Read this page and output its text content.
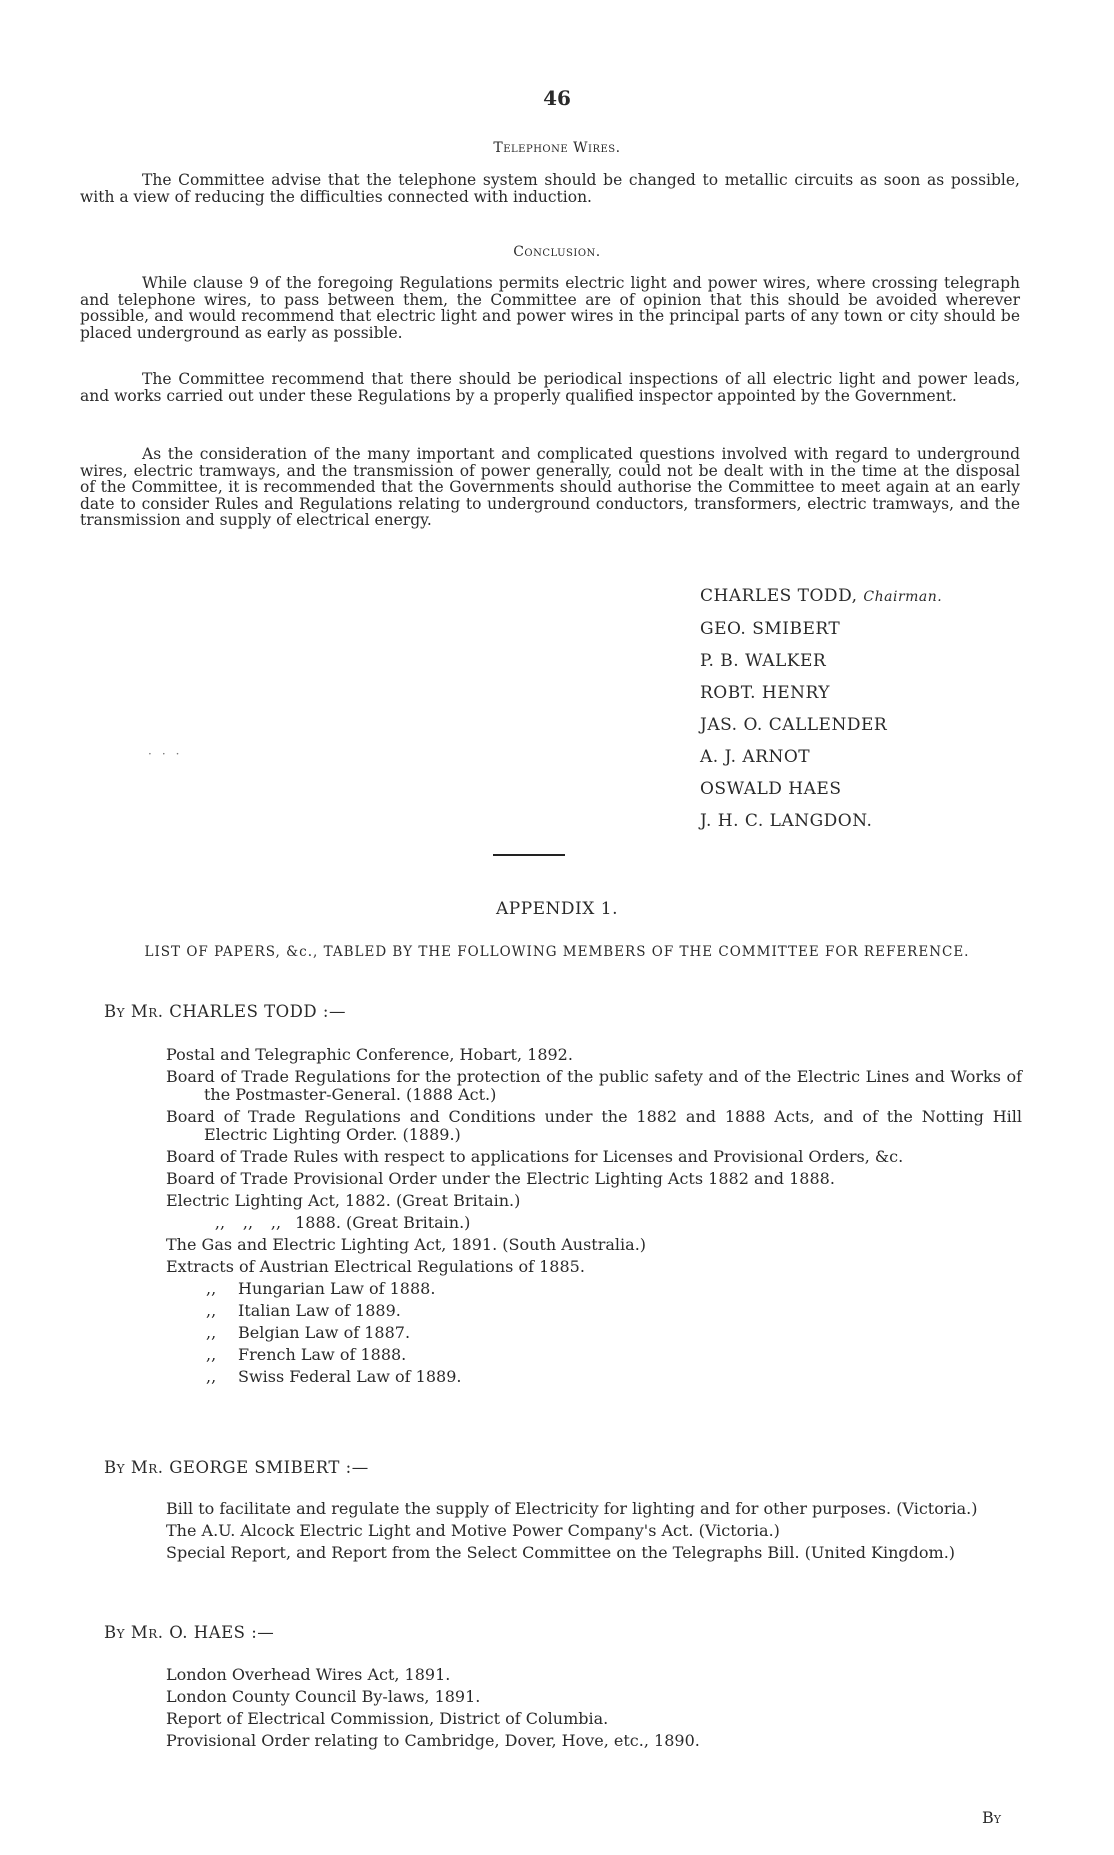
46
Telephone Wires.

The Committee advise that the telephone system should be changed to metallic circuits as soon as possible, with a view of reducing the difficulties connected with induction.

Conclusion.

While clause 9 of the foregoing Regulations permits electric light and power wires, where crossing telegraph and telephone wires, to pass between them, the Committee are of opinion that this should be avoided wherever possible, and would recommend that electric light and power wires in the principal parts of any town or city should be placed underground as early as possible.

The Committee recommend that there should be periodical inspections of all electric light and power leads, and works carried out under these Regulations by a properly qualified inspector appointed by the Government.

As the consideration of the many important and complicated questions involved with regard to underground wires, electric tramways, and the transmission of power generally, could not be dealt with in the time at the disposal of the Committee, it is recommended that the Governments should authorise the Committee to meet again at an early date to consider Rules and Regulations relating to underground conductors, transformers, electric tramways, and the transmission and supply of electrical energy.

CHARLES TODD, Chairman.
GEO. SMIBERT
P. B. WALKER
ROBT. HENRY
JAS. O. CALLENDER
A. J. ARNOT
OSWALD HAES
J. H. C. LANGDON.
···
APPENDIX 1.
LIST OF PAPERS, &c., TABLED BY THE FOLLOWING MEMBERS OF THE COMMITTEE FOR REFERENCE.
By Mr. CHARLES TODD :—

Postal and Telegraphic Conference, Hobart, 1892.

Board of Trade Regulations for the protection of the public safety and of the Electric Lines and Works of the Postmaster-General. (1888 Act.)

Board of Trade Regulations and Conditions under the 1882 and 1888 Acts, and of the Notting Hill Electric Lighting Order. (1889.)

Board of Trade Rules with respect to applications for Licenses and Provisional Orders, &c.

Board of Trade Provisional Order under the Electric Lighting Acts 1882 and 1888.

Electric Lighting Act, 1882. (Great Britain.)

,, ,, ,, 1888. (Great Britain.)

The Gas and Electric Lighting Act, 1891. (South Australia.)

Extracts of Austrian Electrical Regulations of 1885.

,, Hungarian Law of 1888.

,, Italian Law of 1889.

,, Belgian Law of 1887.

,, French Law of 1888.

,, Swiss Federal Law of 1889.

By Mr. GEORGE SMIBERT :—

Bill to facilitate and regulate the supply of Electricity for lighting and for other purposes. (Victoria.)

The A.U. Alcock Electric Light and Motive Power Company's Act. (Victoria.)

Special Report, and Report from the Select Committee on the Telegraphs Bill. (United Kingdom.)

By Mr. O. HAES :—

London Overhead Wires Act, 1891.

London County Council By-laws, 1891.

Report of Electrical Commission, District of Columbia.

Provisional Order relating to Cambridge, Dover, Hove, etc., 1890.

By
